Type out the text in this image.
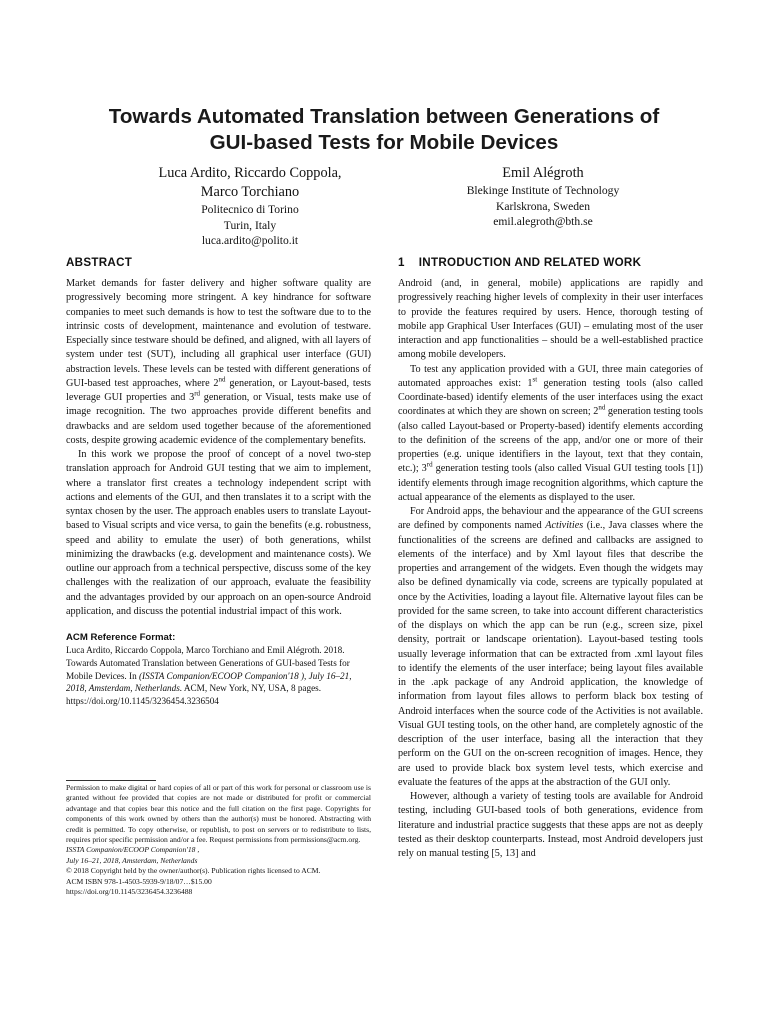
Towards Automated Translation between Generations of
GUI-based Tests for Mobile Devices
Luca Ardito, Riccardo Coppola,
Marco Torchiano
Politecnico di Torino
Turin, Italy
luca.ardito@polito.it
Emil Alégroth
Blekinge Institute of Technology
Karlskrona, Sweden
emil.alegroth@bth.se
ABSTRACT

Market demands for faster delivery and higher software quality are progressively becoming more stringent. A key hindrance for software companies to meet such demands is how to test the software due to to the intrinsic costs of development, maintenance and evolution of testware. Especially since testware should be defined, and aligned, with all layers of system under test (SUT), including all graphical user interface (GUI) abstraction levels. These levels can be tested with different generations of GUI-based test approaches, where 2nd generation, or Layout-based, tests leverage GUI properties and 3rd generation, or Visual, tests make use of image recognition. The two approaches provide different benefits and drawbacks and are seldom used together because of the aforementioned costs, despite growing academic evidence of the complementary benefits.

In this work we propose the proof of concept of a novel two-step translation approach for Android GUI testing that we aim to implement, where a translator first creates a technology independent script with actions and elements of the GUI, and then translates it to a script with the syntax chosen by the user. The approach enables users to translate Layout-based to Visual scripts and vice versa, to gain the benefits (e.g. robustness, speed and ability to emulate the user) of both generations, whilst minimizing the drawbacks (e.g. development and maintenance costs). We outline our approach from a technical perspective, discuss some of the key challenges with the realization of our approach, evaluate the feasibility and the advantages provided by our approach on an open-source Android application, and discuss the potential industrial impact of this work.

ACM Reference Format:

Luca Ardito, Riccardo Coppola, Marco Torchiano and Emil Alégroth. 2018. Towards Automated Translation between Generations of GUI-based Tests for Mobile Devices. In (ISSTA Companion/ECOOP Companion'18 ), July 16–21, 2018, Amsterdam, Netherlands. ACM, New York, NY, USA, 8 pages. https://doi.org/10.1145/3236454.3236504

Permission to make digital or hard copies of all or part of this work for personal or classroom use is granted without fee provided that copies are not made or distributed for profit or commercial advantage and that copies bear this notice and the full citation on the first page. Copyrights for components of this work owned by others than the author(s) must be honored. Abstracting with credit is permitted. To copy otherwise, or republish, to post on servers or to redistribute to lists, requires prior specific permission and/or a fee. Request permissions from permissions@acm.org.

ISSTA Companion/ECOOP Companion'18 ,

July 16–21, 2018, Amsterdam, Netherlands

© 2018 Copyright held by the owner/author(s). Publication rights licensed to ACM.

ACM ISBN 978-1-4503-5939-9/18/07…$15.00

https://doi.org/10.1145/3236454.3236488

1 INTRODUCTION AND RELATED WORK

Android (and, in general, mobile) applications are rapidly and progressively reaching higher levels of complexity in their user interfaces to provide the features required by users. Hence, thorough testing of mobile app Graphical User Interfaces (GUI) – emulating most of the user interaction and app functionalities – should be a well-established practice among mobile developers.

To test any application provided with a GUI, three main categories of automated approaches exist: 1st generation testing tools (also called Coordinate-based) identify elements of the user interfaces using the exact coordinates at which they are shown on screen; 2nd generation testing tools (also called Layout-based or Property-based) identify elements according to the definition of the screens of the app, and/or one or more of their properties (e.g. unique identifiers in the layout, text that they contain, etc.); 3rd generation testing tools (also called Visual GUI testing tools [1]) identify elements through image recognition algorithms, which capture the actual appearance of the elements as displayed to the user.

For Android apps, the behaviour and the appearance of the GUI screens are defined by components named Activities (i.e., Java classes where the functionalities of the screens are defined and callbacks are assigned to elements of the interface) and by Xml layout files that describe the properties and arrangement of the widgets. Even though the widgets may also be defined dynamically via code, screens are typically populated at once by the Activities, loading a layout file. Alternative layout files can be provided for the same screen, to take into account different characteristics of the displays on which the app can be run (e.g., screen size, pixel density, portrait or landscape orientation). Layout-based testing tools usually leverage information that can be extracted from .xml layout files to identify the elements of the user interface; being layout files available in the .apk package of any Android application, the knowledge of information from layout files allows to perform black box testing of Android interfaces when the source code of the Activities is not available. Visual GUI testing tools, on the other hand, are completely agnostic of the description of the user interface, basing all the interaction that they perform on the GUI on the on-screen recognition of images. Hence, they are used to provide black box system level tests, which exercise and evaluate the features of the apps at the abstraction of the GUI only.

However, although a variety of testing tools are available for Android testing, including GUI-based tools of both generations, evidence from literature and industrial practice suggests that these apps are not as deeply tested as their desktop counterparts. Instead, most Android developers just rely on manual testing [5, 13] and
